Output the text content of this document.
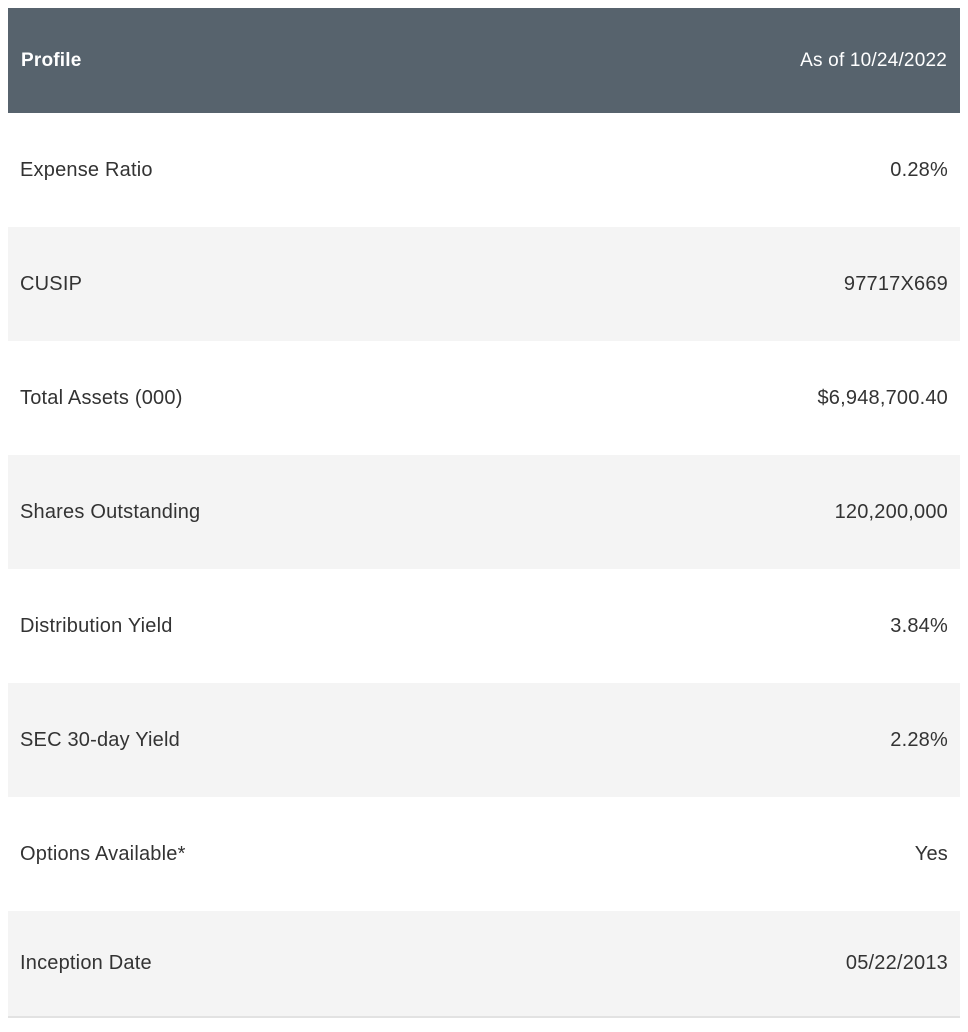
Profile	As of 10/24/2022
Expense Ratio	0.28%
CUSIP	97717X669
Total Assets (000)	$6,948,700.40
Shares Outstanding	120,200,000
Distribution Yield	3.84%
SEC 30-day Yield	2.28%
Options Available*	Yes
Inception Date	05/22/2013
